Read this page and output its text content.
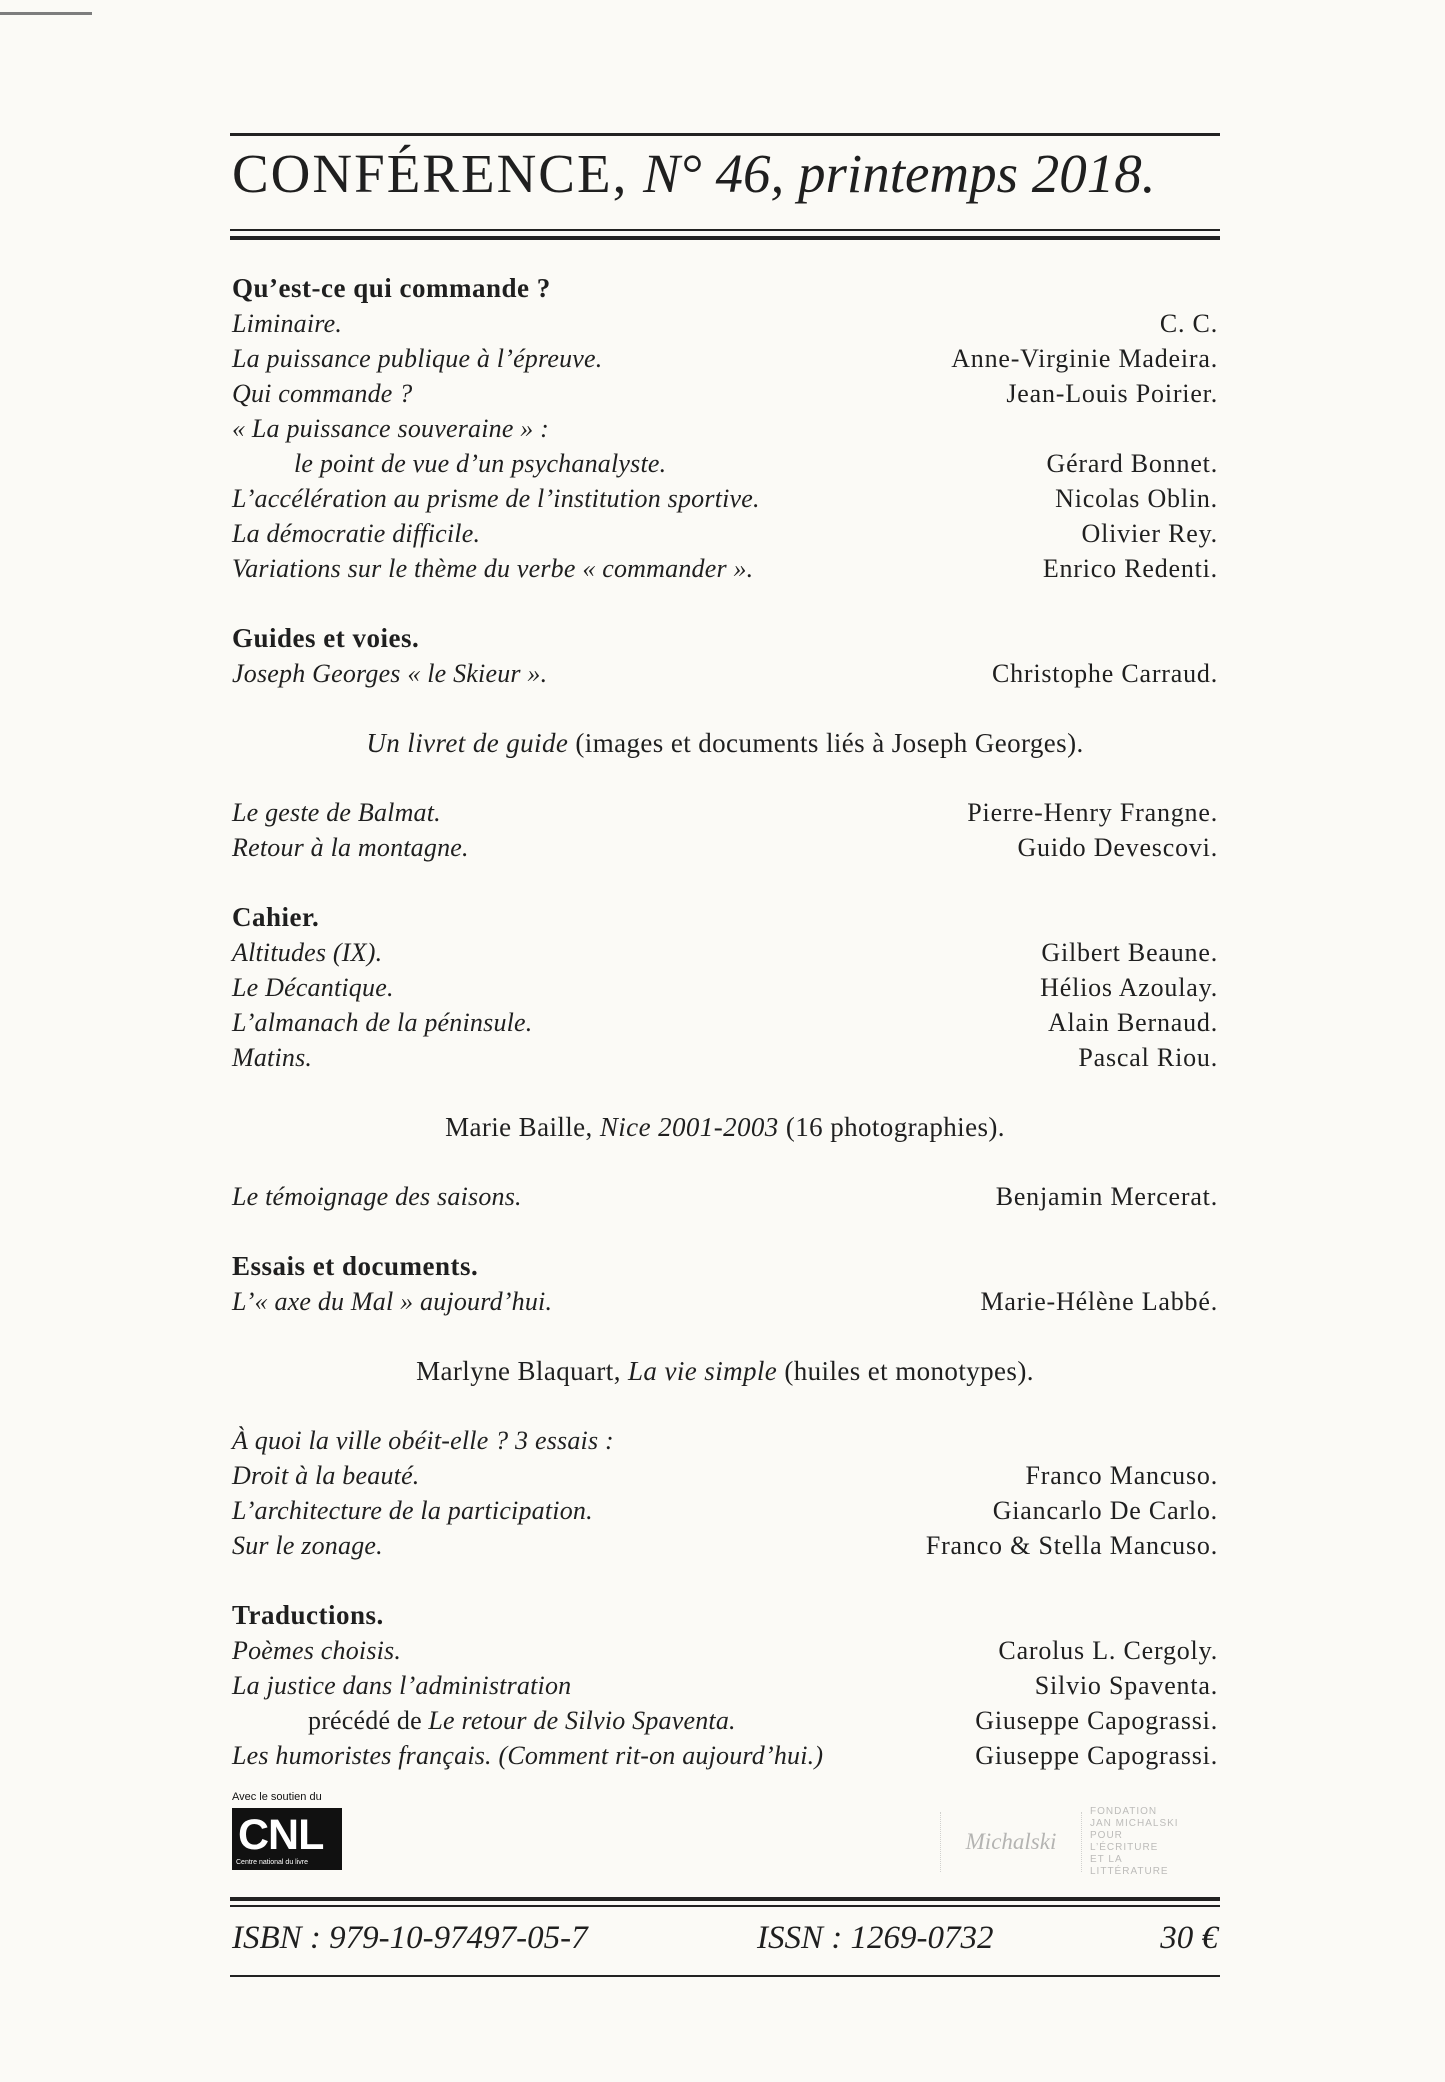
CONFÉRENCE, N° 46, printemps 2018.
Qu’est-ce qui commande ?
Liminaire.	C. C.
La puissance publique à l’épreuve.	Anne-Virginie Madeira.
Qui commande ?	Jean-Louis Poirier.
« La puissance souveraine » :
le point de vue d’un psychanalyste.	Gérard Bonnet.
L’accélération au prisme de l’institution sportive.	Nicolas Oblin.
La démocratie difficile.	Olivier Rey.
Variations sur le thème du verbe « commander ».	Enrico Redenti.
Guides et voies.
Joseph Georges « le Skieur ».	Christophe Carraud.
Un livret de guide (images et documents liés à Joseph Georges).
Le geste de Balmat.	Pierre-Henry Frangne.
Retour à la montagne.	Guido Devescovi.
Cahier.
Altitudes (IX).	Gilbert Beaune.
Le Décantique.	Hélios Azoulay.
L’almanach de la péninsule.	Alain Bernaud.
Matins.	Pascal Riou.
Marie Baille, Nice 2001-2003 (16 photographies).
Le témoignage des saisons.	Benjamin Mercerat.
Essais et documents.
L’« axe du Mal » aujourd’hui.	Marie-Hélène Labbé.
Marlyne Blaquart, La vie simple (huiles et monotypes).
À quoi la ville obéit-elle ? 3 essais :
Droit à la beauté.	Franco Mancuso.
L’architecture de la participation.	Giancarlo De Carlo.
Sur le zonage.	Franco & Stella Mancuso.
Traductions.
Poèmes choisis.	Carolus L. Cergoly.
La justice dans l’administration	Silvio Spaventa.
précédé de Le retour de Silvio Spaventa.	Giuseppe Capograssi.
Les humoristes français. (Comment rit-on aujourd’hui.)	Giuseppe Capograssi.
Avec le soutien du
CNL
Centre national du livre
Michalski
FONDATION
JAN MICHALSKI
POUR
L’ÉCRITURE
ET LA
LITTÉRATURE
ISBN : 979-10-97497-05-7	ISSN : 1269-0732	30 €
